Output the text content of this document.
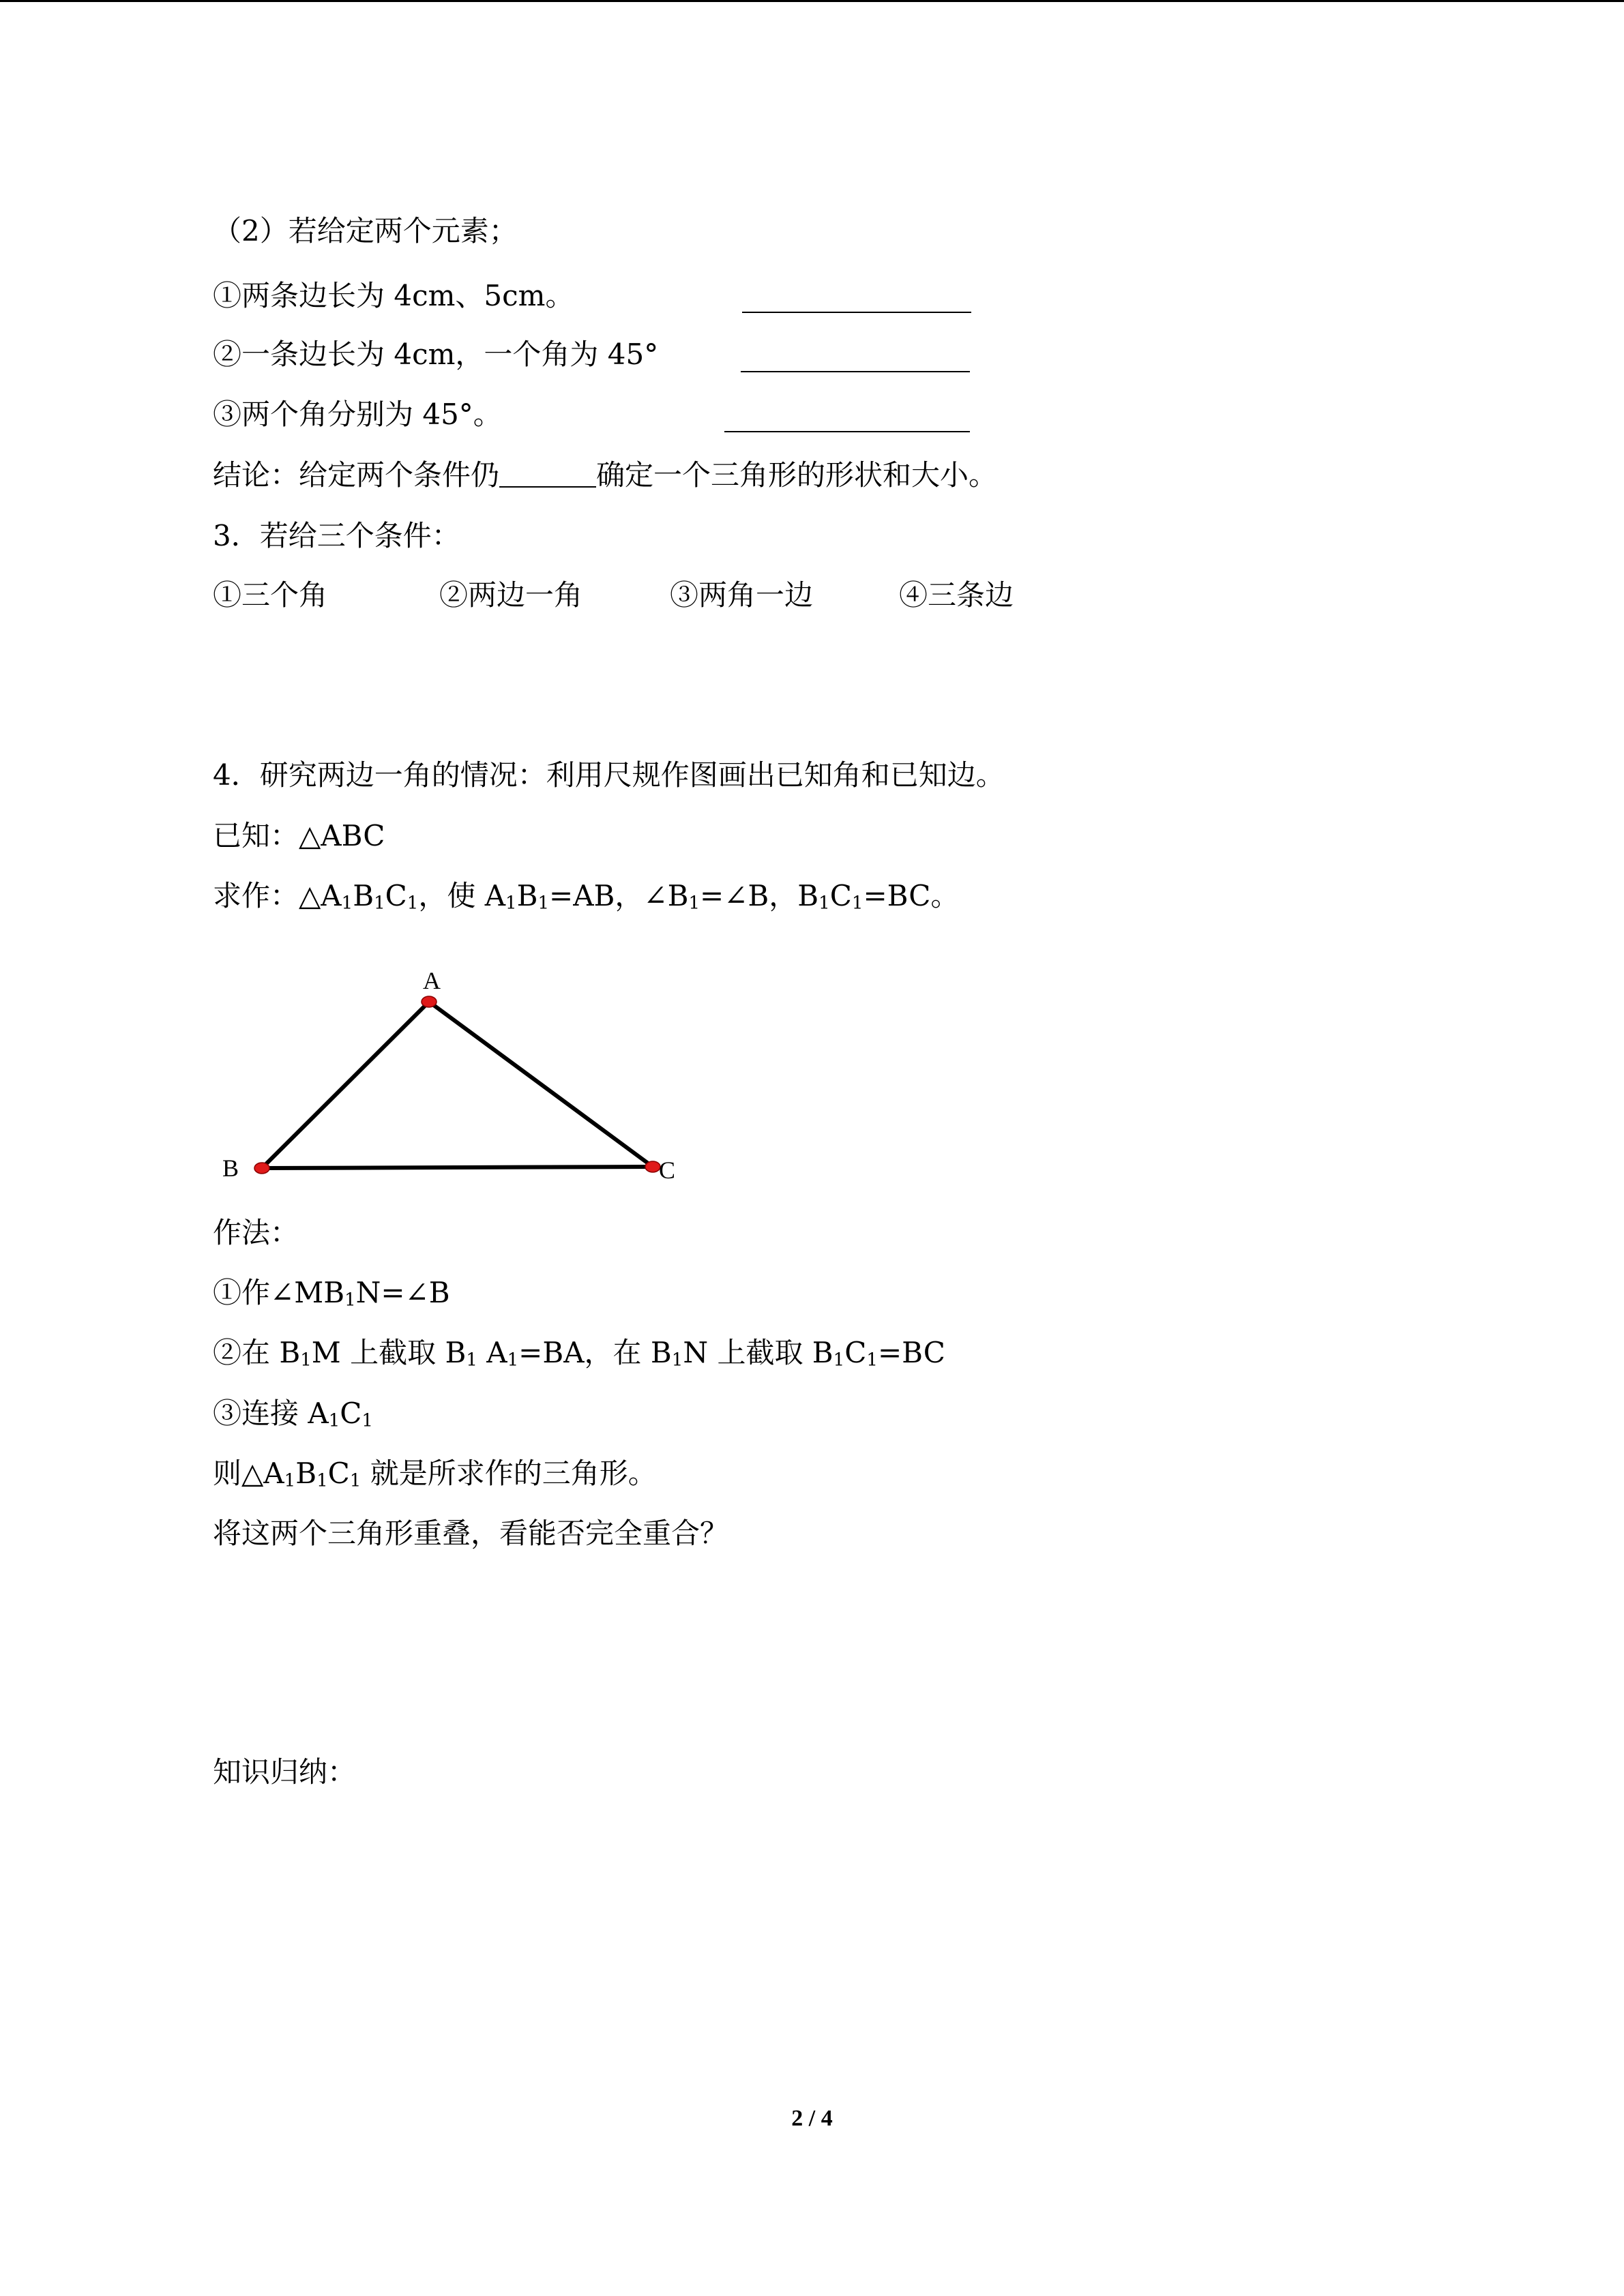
（2）若给定两个元素；
①两条边长为 4cm、5cm。
②一条边长为 4cm，一个角为 45°
③两个角分别为 45°。
结论：给定两个条件仍	确定一个三角形的形状和大小。
3．若给三个条件：
①三个角	②两边一角	③两角一边	④三条边
4．研究两边一角的情况：利用尺规作图画出已知角和已知边。
已知：△ABC
求作：$\triangle A_1B_1C_1$，使 $A_1B_1=AB$，$\angle B_1=\angle B$，$B_1C_1=BC$。
A
B	C
作法：
①作$\angle MB_1N=\angle B$
②在 $B_1M$ 上截取 $B_1$ $A_1=BA$，在 $B_1N$ 上截取 $B_1C_1=BC$
③连接 $A_1C_1$
则$\triangle A_1B_1C_1$ 就是所求作的三角形。
将这两个三角形重叠，看能否完全重合？
知识归纳：
2 / 4
